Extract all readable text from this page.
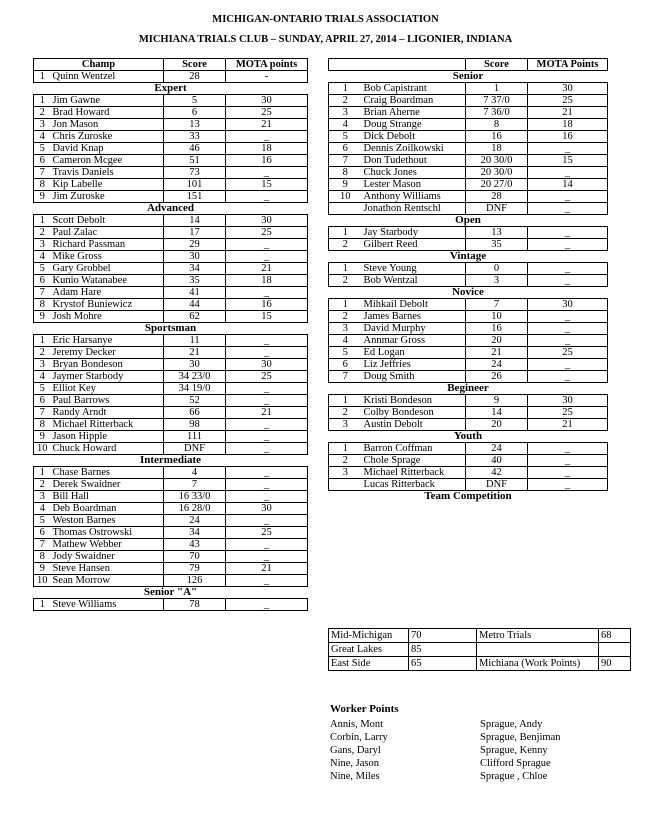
MICHIGAN-ONTARIO TRIALS ASSOCIATION
MICHIANA TRIALS CLUB – SUNDAY, APRIL 27, 2014 – LIGONIER, INDIANA
Champ		Score	MOTA points
1	Quinn Wentzel	28	-
Expert			
1	Jim Gawne	5	30
2	Brad Howard	6	25
3	Jon Mason	13	21
4	Chris Zuroske	33	_
5	David Knap	46	18
6	Cameron Mcgee	51	16
7	Travis Daniels	73	_
8	Kip Labelle	101	15
9	Jim Zuroske	151	_
Advanced			
1	Scott Debolt	14	30
2	Paul Zalac	17	25
3	Richard Passman	29	_
4	Mike Gross	30	_
5	Gary Grobbel	34	21
6	Kunio Watanabee	35	18
7	Adam Hare	41	_
8	Krystof Buniewicz	44	16
9	Josh Mohre	62	15
Sportsman			
1	Eric Harsanye	11	_
2	Jeremy Decker	21	_
3	Bryan Bondeson	30	30
4	Jaymer Starbody	34 23/0	25
5	Elliot Key	34 19/0	_
6	Paul Barrows	52	_
7	Randy Arndt	66	21
8	Michael Ritterback	98	_
9	Jason Hipple	111	_
10	Chuck Howard	DNF	_
Intermediate			
1	Chase Barnes	4	_
2	Derek Swaidner	7	_
3	Bill Hall	16 33/0	_
4	Deb Boardman	16 28/0	30
5	Weston Barnes	24	_
6	Thomas Ostrowski	34	25
7	Mathew Webber	43	_
8	Jody Swaidner	70	_
9	Steve Hansen	79	21
10	Sean Morrow	126	_
Senior "A"			
1	Steve Williams	78	_
		Score	MOTA Points
Senior			
1	Bob Capistrant	1	30
2	Craig Boardman	7 37/0	25
3	Brian Aherne	7 36/0	21
4	Doug Strange	8	18
5	Dick Debolt	16	16
6	Dennis Zoilkowski	18	_
7	Don Tudethout	20 30/0	15
8	Chuck Jones	20 30/0	_
9	Lester Mason	20 27/0	14
10	Anthony Williams	28	_
	Jonathon Rentschl	DNF	_
Open			
1	Jay Starbody	13	_
2	Gilbert Reed	35	_
Vintage			
1	Steve Young	0	_
2	Bob Wentzal	3	_
Novice			
1	Mihkail Debolt	7	30
2	James Barnes	10	_
3	David Murphy	16	_
4	Annmar Gross	20	_
5	Ed Logan	21	25
6	Liz Jeffries	24	_
7	Doug Smith	26	_
Begineer			
1	Kristi Bondeson	9	30
2	Colby Bondeson	14	25
3	Austin Debolt	20	21
Youth			
1	Barron Coffman	24	_
2	Chole Sprage	40	_
3	Michael Ritterback	42	_
	Lucas Ritterback	DNF	_
Team Competition			
Mid-Michigan	70	Metro Trials	68
Great Lakes	85		
East Side	65	Michiana (Work Points)	90
Worker Points
Annis, Mont	Sprague, Andy
Corbin, Larry	Sprague, Benjiman
Gans, Daryl	Sprague, Kenny
Nine, Jason	Clifford Sprague
Nine, Miles	Sprague , Chloe
